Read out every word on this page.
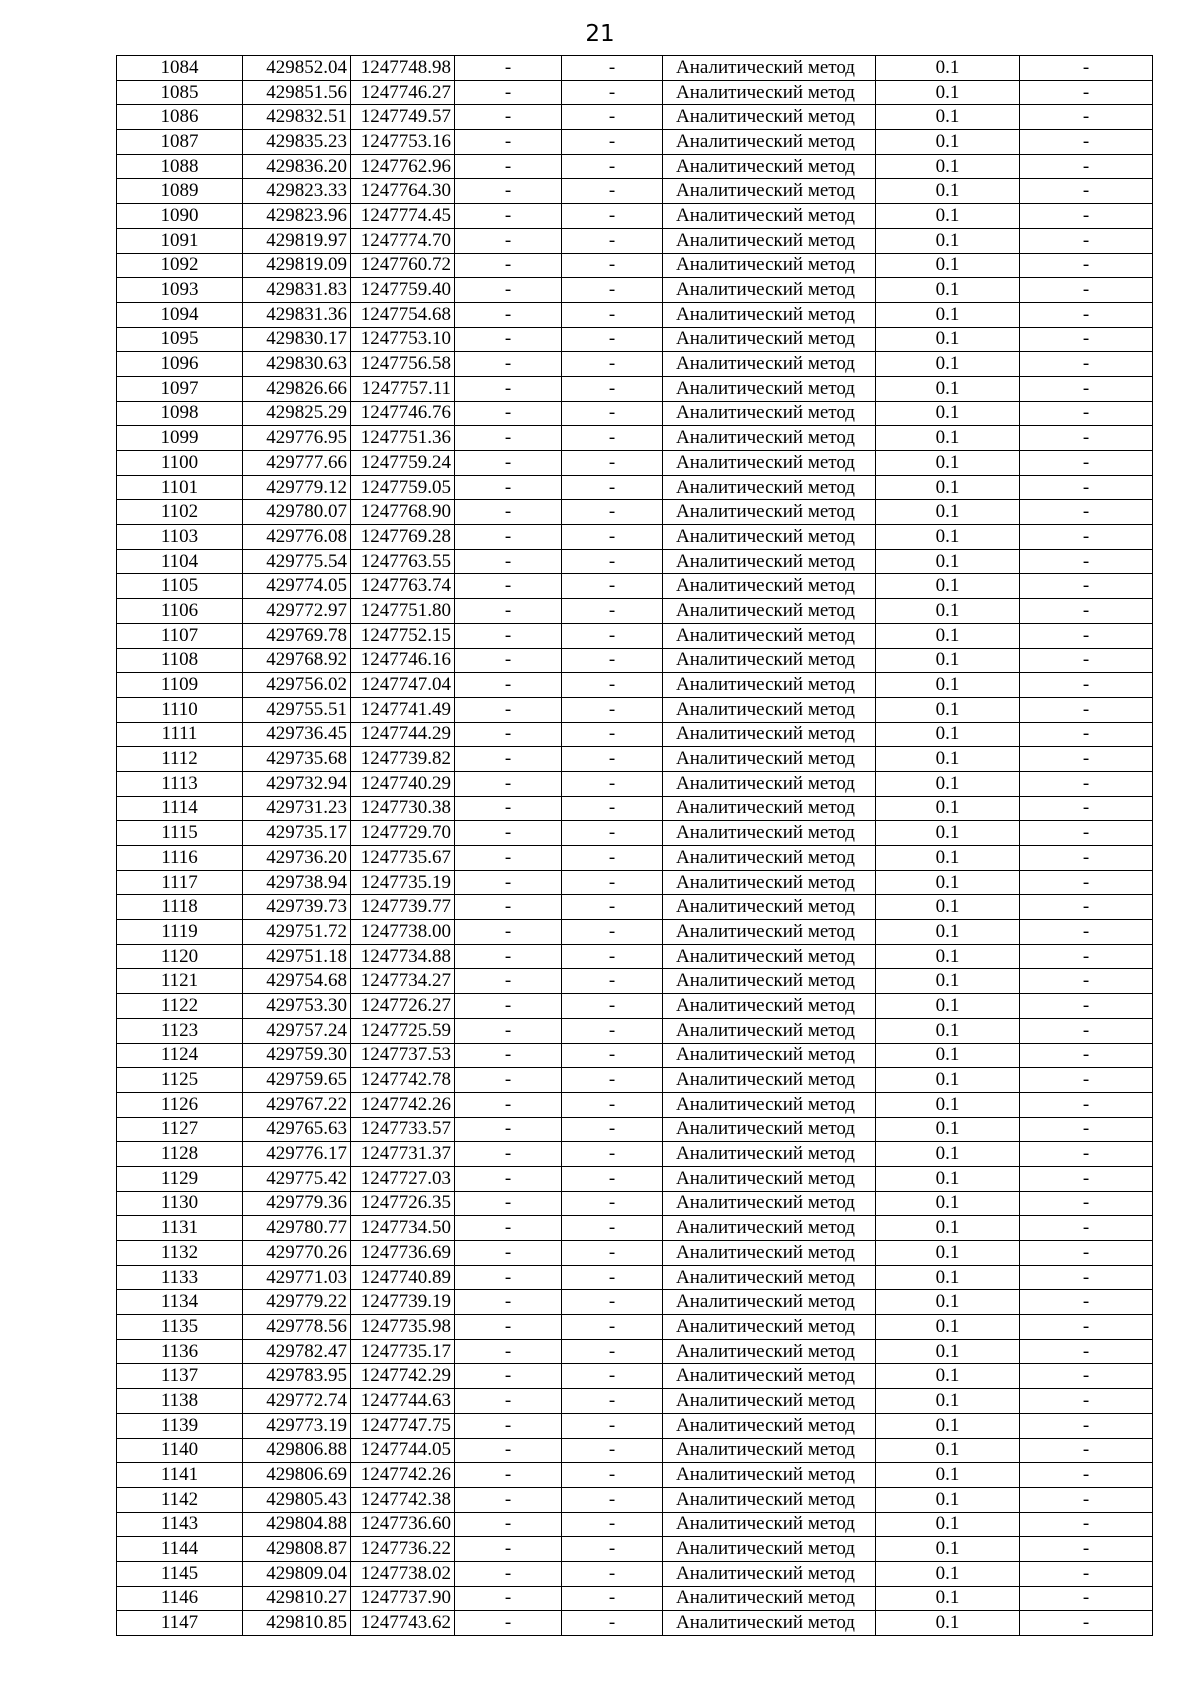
21
1084	429852.04	1247748.98	-	-	Аналитический метод	0.1	-
1085	429851.56	1247746.27	-	-	Аналитический метод	0.1	-
1086	429832.51	1247749.57	-	-	Аналитический метод	0.1	-
1087	429835.23	1247753.16	-	-	Аналитический метод	0.1	-
1088	429836.20	1247762.96	-	-	Аналитический метод	0.1	-
1089	429823.33	1247764.30	-	-	Аналитический метод	0.1	-
1090	429823.96	1247774.45	-	-	Аналитический метод	0.1	-
1091	429819.97	1247774.70	-	-	Аналитический метод	0.1	-
1092	429819.09	1247760.72	-	-	Аналитический метод	0.1	-
1093	429831.83	1247759.40	-	-	Аналитический метод	0.1	-
1094	429831.36	1247754.68	-	-	Аналитический метод	0.1	-
1095	429830.17	1247753.10	-	-	Аналитический метод	0.1	-
1096	429830.63	1247756.58	-	-	Аналитический метод	0.1	-
1097	429826.66	1247757.11	-	-	Аналитический метод	0.1	-
1098	429825.29	1247746.76	-	-	Аналитический метод	0.1	-
1099	429776.95	1247751.36	-	-	Аналитический метод	0.1	-
1100	429777.66	1247759.24	-	-	Аналитический метод	0.1	-
1101	429779.12	1247759.05	-	-	Аналитический метод	0.1	-
1102	429780.07	1247768.90	-	-	Аналитический метод	0.1	-
1103	429776.08	1247769.28	-	-	Аналитический метод	0.1	-
1104	429775.54	1247763.55	-	-	Аналитический метод	0.1	-
1105	429774.05	1247763.74	-	-	Аналитический метод	0.1	-
1106	429772.97	1247751.80	-	-	Аналитический метод	0.1	-
1107	429769.78	1247752.15	-	-	Аналитический метод	0.1	-
1108	429768.92	1247746.16	-	-	Аналитический метод	0.1	-
1109	429756.02	1247747.04	-	-	Аналитический метод	0.1	-
1110	429755.51	1247741.49	-	-	Аналитический метод	0.1	-
1111	429736.45	1247744.29	-	-	Аналитический метод	0.1	-
1112	429735.68	1247739.82	-	-	Аналитический метод	0.1	-
1113	429732.94	1247740.29	-	-	Аналитический метод	0.1	-
1114	429731.23	1247730.38	-	-	Аналитический метод	0.1	-
1115	429735.17	1247729.70	-	-	Аналитический метод	0.1	-
1116	429736.20	1247735.67	-	-	Аналитический метод	0.1	-
1117	429738.94	1247735.19	-	-	Аналитический метод	0.1	-
1118	429739.73	1247739.77	-	-	Аналитический метод	0.1	-
1119	429751.72	1247738.00	-	-	Аналитический метод	0.1	-
1120	429751.18	1247734.88	-	-	Аналитический метод	0.1	-
1121	429754.68	1247734.27	-	-	Аналитический метод	0.1	-
1122	429753.30	1247726.27	-	-	Аналитический метод	0.1	-
1123	429757.24	1247725.59	-	-	Аналитический метод	0.1	-
1124	429759.30	1247737.53	-	-	Аналитический метод	0.1	-
1125	429759.65	1247742.78	-	-	Аналитический метод	0.1	-
1126	429767.22	1247742.26	-	-	Аналитический метод	0.1	-
1127	429765.63	1247733.57	-	-	Аналитический метод	0.1	-
1128	429776.17	1247731.37	-	-	Аналитический метод	0.1	-
1129	429775.42	1247727.03	-	-	Аналитический метод	0.1	-
1130	429779.36	1247726.35	-	-	Аналитический метод	0.1	-
1131	429780.77	1247734.50	-	-	Аналитический метод	0.1	-
1132	429770.26	1247736.69	-	-	Аналитический метод	0.1	-
1133	429771.03	1247740.89	-	-	Аналитический метод	0.1	-
1134	429779.22	1247739.19	-	-	Аналитический метод	0.1	-
1135	429778.56	1247735.98	-	-	Аналитический метод	0.1	-
1136	429782.47	1247735.17	-	-	Аналитический метод	0.1	-
1137	429783.95	1247742.29	-	-	Аналитический метод	0.1	-
1138	429772.74	1247744.63	-	-	Аналитический метод	0.1	-
1139	429773.19	1247747.75	-	-	Аналитический метод	0.1	-
1140	429806.88	1247744.05	-	-	Аналитический метод	0.1	-
1141	429806.69	1247742.26	-	-	Аналитический метод	0.1	-
1142	429805.43	1247742.38	-	-	Аналитический метод	0.1	-
1143	429804.88	1247736.60	-	-	Аналитический метод	0.1	-
1144	429808.87	1247736.22	-	-	Аналитический метод	0.1	-
1145	429809.04	1247738.02	-	-	Аналитический метод	0.1	-
1146	429810.27	1247737.90	-	-	Аналитический метод	0.1	-
1147	429810.85	1247743.62	-	-	Аналитический метод	0.1	-
